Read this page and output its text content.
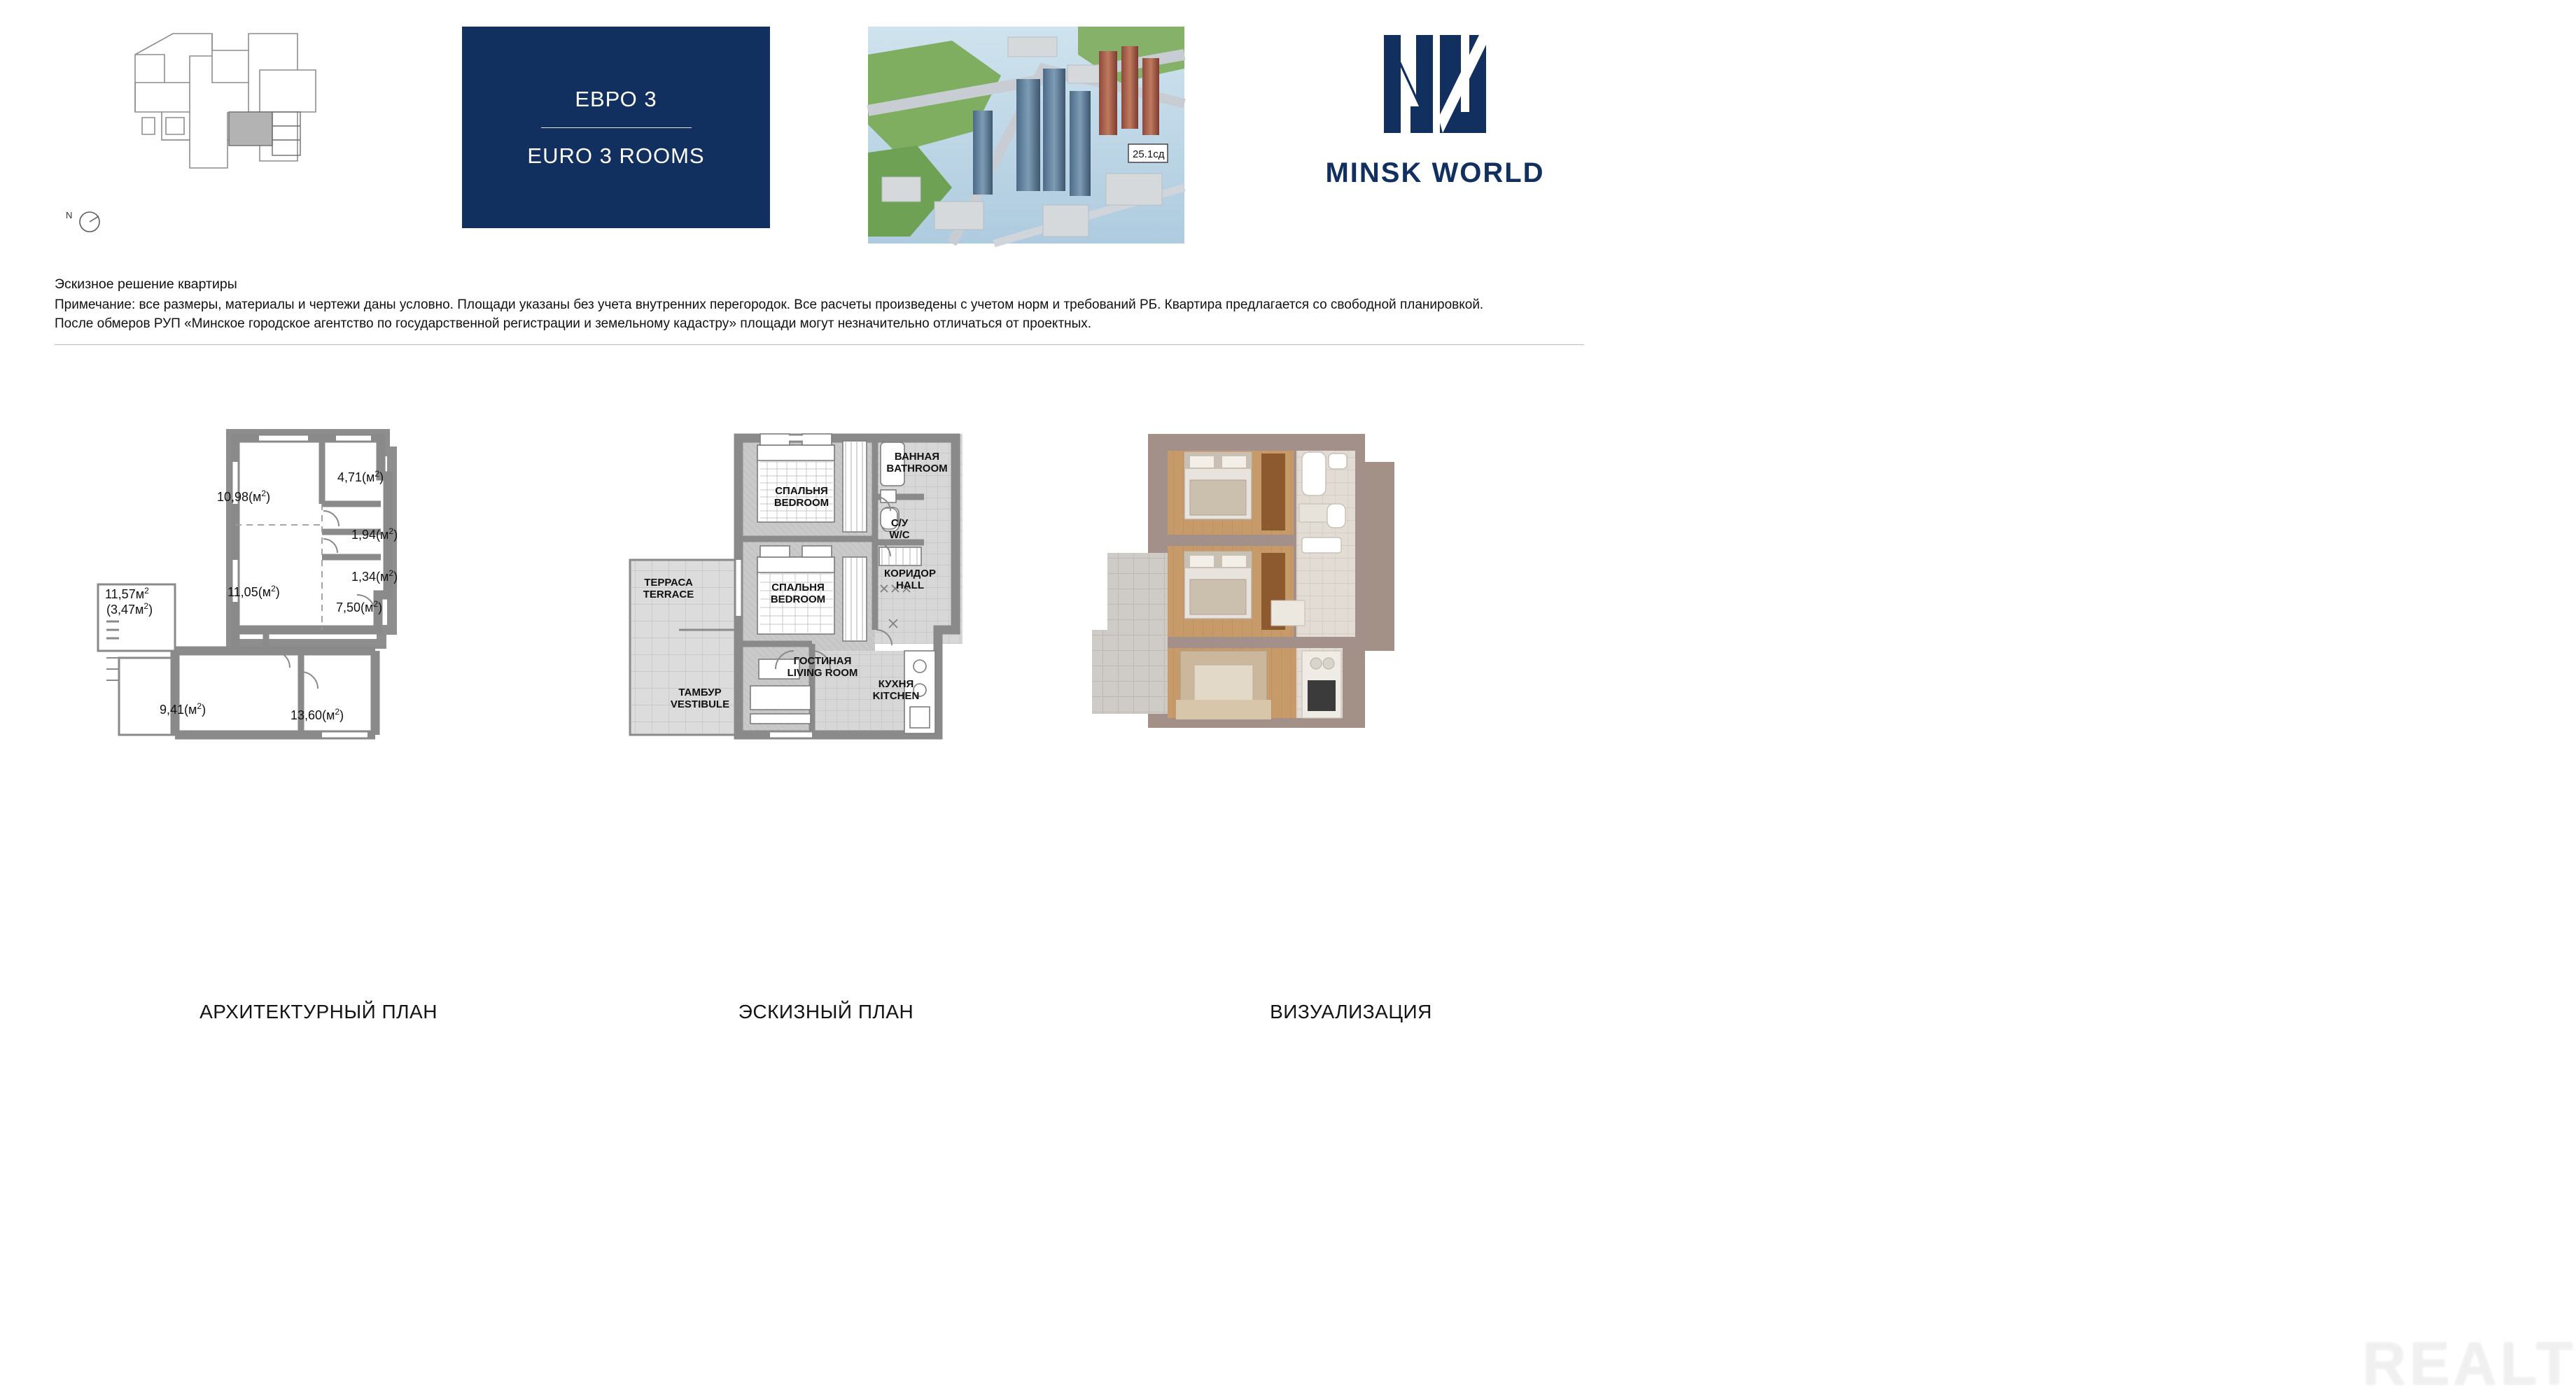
N
ЕВРО 3
EURO 3 ROOMS	25.1сд
MINSK WORLD
Эскизное решение квартиры
Примечание: все размеры, материалы и чертежи даны условно. Площади указаны без учета внутренних перегородок. Все расчеты произведены с учетом норм и требований РБ. Квартира предлагается со свободной планировкой.
После обмеров РУП «Минское городское агентство по государственной регистрации и земельному кадастру» площади могут незначительно отличаться от проектных.
$10,98(м^2)$
$4,71(м^2)$
$1,94(м^2)$
$1,34(м^2)$
$11,05(м^2)$
$7,50(м^2)$
$11,57м^2$
$(3,47м^2)$
$9,41(м^2)$	$13,60(м^2)$
ВАННАЯ
BATHROOM
С/У
W/C
СПАЛЬНЯ
BEDROOM
СПАЛЬНЯ
BEDROOM
КОРИДОР
HALL
ГОСТИНАЯ
LIVING ROOM
КУХНЯ
KITCHEN
ТЕРРАСА
TERRACE
ТАМБУР
VESTIBULE
REALT
АРХИТЕКТУРНЫЙ ПЛАН	ЭСКИЗНЫЙ ПЛАН	ВИЗУАЛИЗАЦИЯ
